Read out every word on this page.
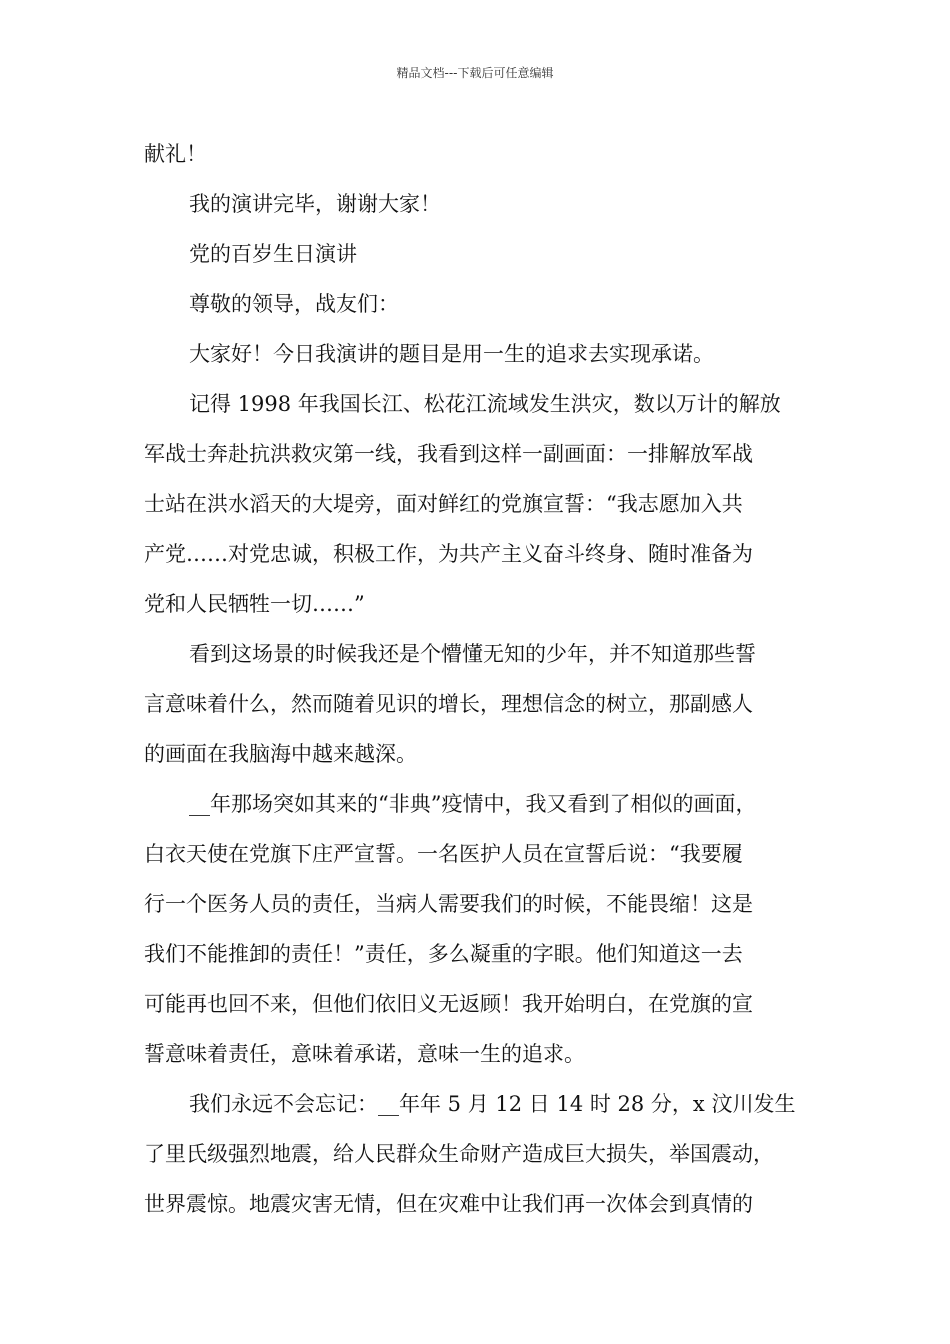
精品文档---下载后可任意编辑
献礼！
我的演讲完毕，谢谢大家！
党的百岁生日演讲
尊敬的领导，战友们：
大家好！今日我演讲的题目是用一生的追求去实现承诺。
记得 1998 年我国长江、松花江流域发生洪灾，数以万计的解放
军战士奔赴抗洪救灾第一线，我看到这样一副画面：一排解放军战
士站在洪水滔天的大堤旁，面对鲜红的党旗宣誓：“我志愿加入共
产党……对党忠诚，积极工作，为共产主义奋斗终身、随时准备为
党和人民牺牲一切……”
看到这场景的时候我还是个懵懂无知的少年，并不知道那些誓
言意味着什么，然而随着见识的增长，理想信念的树立，那副感人
的画面在我脑海中越来越深。
__年那场突如其来的“非典”疫情中，我又看到了相似的画面，
白衣天使在党旗下庄严宣誓。一名医护人员在宣誓后说：“我要履
行一个医务人员的责任，当病人需要我们的时候，不能畏缩！这是
我们不能推卸的责任！”责任，多么凝重的字眼。他们知道这一去
可能再也回不来，但他们依旧义无返顾！我开始明白，在党旗的宣
誓意味着责任，意味着承诺，意味一生的追求。
我们永远不会忘记：__年年 5 月 12 日 14 时 28 分，x 汶川发生
了里氏级强烈地震，给人民群众生命财产造成巨大损失，举国震动，
世界震惊。地震灾害无情，但在灾难中让我们再一次体会到真情的
